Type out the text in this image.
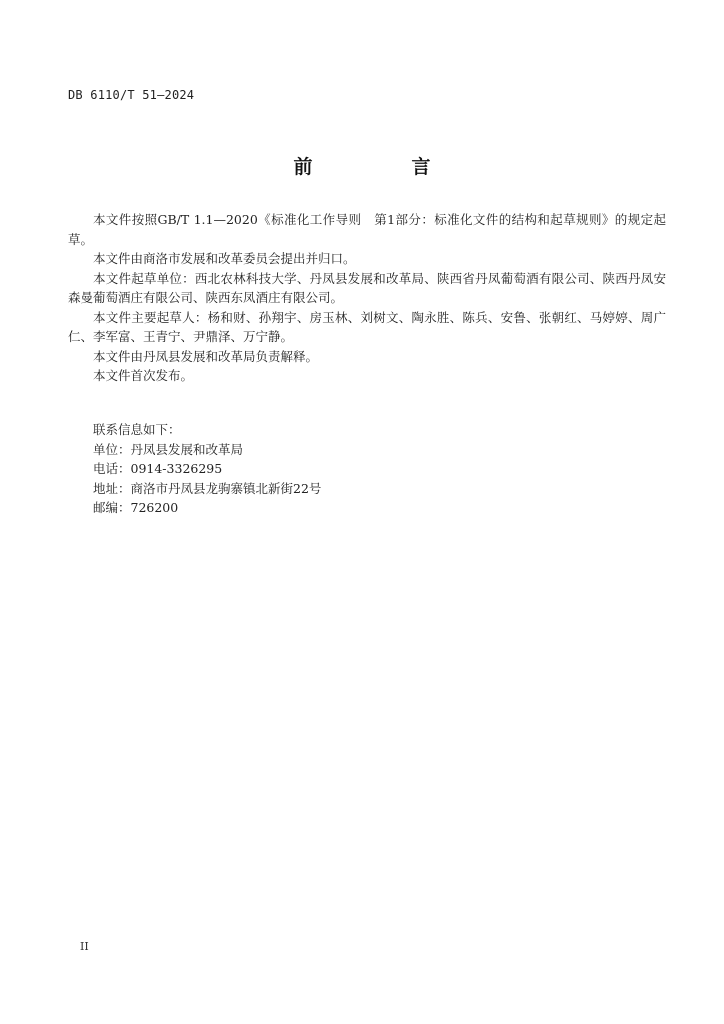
DB 6110/T 51—2024
前　言

本文件按照GB/T 1.1—2020《标准化工作导则　第1部分：标准化文件的结构和起草规则》的规定起草。

本文件由商洛市发展和改革委员会提出并归口。

本文件起草单位：西北农林科技大学、丹凤县发展和改革局、陕西省丹凤葡萄酒有限公司、陕西丹凤安森曼葡萄酒庄有限公司、陕西东凤酒庄有限公司。

本文件主要起草人：杨和财、孙翔宇、房玉林、刘树文、陶永胜、陈兵、安鲁、张朝红、马婷婷、周广仁、李军富、王青宁、尹鼎泽、万宁静。

本文件由丹凤县发展和改革局负责解释。

本文件首次发布。

联系信息如下：
单位：丹凤县发展和改革局
电话：0914-3326295
地址：商洛市丹凤县龙驹寨镇北新街22号
邮编：726200
II
